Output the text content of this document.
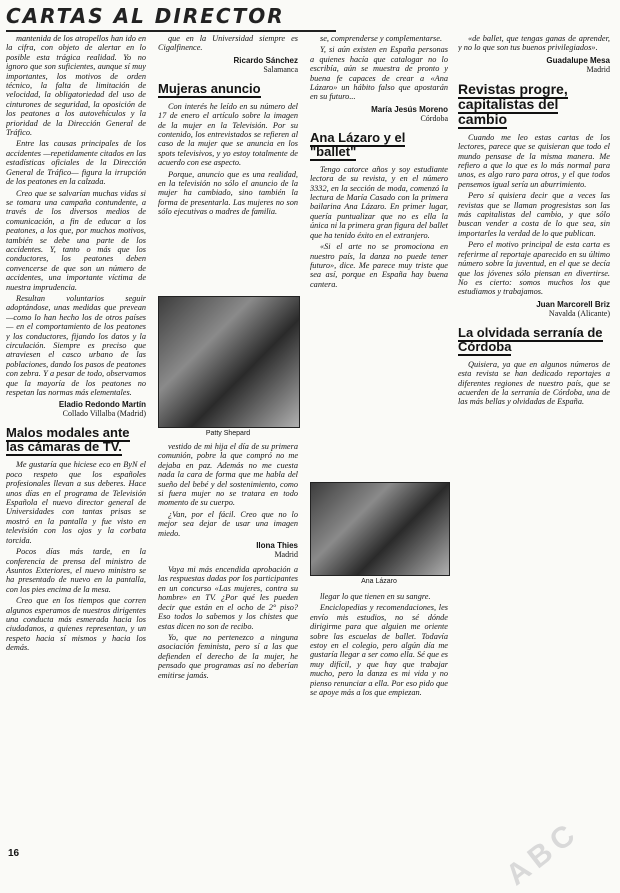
CARTAS AL DIRECTOR

mantenida de los atropellos han ido en la cifra, con objeto de alertar en lo posible esta trágica realidad. Yo no ignoro que son suficientes, aunque sí muy importantes, los motivos de orden técnico, la falta de limitación de velocidad, la obligatoriedad del uso de cinturones de seguridad, la oposición de los peatones a los autovehículos y la prioridad de la Dirección General de Tráfico.

Entre las causas principales de los accidentes —repetidamente citados en las estadísticas oficiales de la Dirección General de Tráfico— figura la irrupción de los peatones en la calzada.

Creo que se salvarían muchas vidas si se tomara una campaña contundente, a través de los diversos medios de comunicación, a fin de educar a los peatones, a los que, por muchos motivos, también se debe una parte de los accidentes. Y, tanto o más que los conductores, los peatones deben convencerse de que son un número de accidentes, una importante víctima de nuestra imprudencia.

Resultan voluntarios seguir adoptándose, unas medidas que prevean —como lo han hecho los de otros países— en el comportamiento de los peatones y los conductores, fijando los datos y la circulación. Siempre es preciso que atraviesen el casco urbano de las poblaciones, dando los pasos de peatones con zebra. Y a pesar de todo, observamos que la mayoría de los peatones no respetan las normas más elementales.

Eladio Redondo Martín
Collado Villalba (Madrid)
Malos modales ante las cámaras de TV.

Me gustaría que hiciese eco en ByN el poco respeto que los españoles profesionales llevan a sus deberes. Hace unos días en el programa de Televisión Española el nuevo director general de Universidades con tantas prisas se mostró en la pantalla y fue visto en televisión con los ojos y la corbata torcida.

Pocos días más tarde, en la conferencia de prensa del ministro de Asuntos Exteriores, el nuevo ministro se ha presentado de nuevo en la pantalla, con los pies encima de la mesa.

Creo que en los tiempos que corren algunos esperamos de nuestros dirigentes una conducta más esmerada hacia los ciudadanos, a quienes representan, y un respeto hacia sí mismos y hacia los demás.

que en la Universidad siempre es Cigalfinence.

Ricardo Sánchez
Salamanca
Mujeras anuncio

Con interés he leído en su número del 17 de enero el artículo sobre la imagen de la mujer en la Televisión. Por su contenido, los entrevistados se refieren al caso de la mujer que se anuncia en los spots televisivos, y yo estoy totalmente de acuerdo con ese aspecto.

Porque, anuncio que es una realidad, en la televisión no sólo el anuncio de la mujer ha cambiado, sino también la forma de presentarla. Las mujeres no son sólo ejecutivas o madres de familia.

Patty Shepard

vestido de mi hija el día de su primera comunión, pobre la que compró no me dejaba en paz. Además no me cuesta nada la cara de forma que me habla del sueño del bebé y del sostenimiento, como si fuera mujer no se tratara en todo momento de su cuerpo.

¿Van, por el fácil. Creo que no lo mejor sea dejar de usar una imagen miedo.

Ilona Thies
Madrid

Vaya mi más encendida aprobación a las respuestas dadas por los participantes en un concurso «Las mujeres, contra su hombre» en TV. ¿Por qué les pueden decir que están en el ocho de 2° piso? Eso todos lo sabemos y los chistes que estas dicen no son de recibo.

Yo, que no pertenezco a ninguna asociación feminista, pero sí a las que defienden el derecho de la mujer, he pensado que programas así no deberían emitirse jamás.

se, comprenderse y complementarse.

Y, si aún existen en España personas a quienes hacía que catalogar no lo escribía, aún se muestra de pronto y buena fe capaces de crear a «Ana Lázaro» un hábito falso que apostarán en su futuro...

María Jesús Moreno
Córdoba
Ana Lázaro y el "ballet"

Tengo catorce años y soy estudiante lectora de su revista, y en el número 3332, en la sección de moda, comenzó la lectura de María Casado con la primera bailarina Ana Lázaro. En primer lugar, quería puntualizar que no es ella la única ni la primera gran figura del ballet que ha tenido éxito en el extranjero.

«Si el arte no se promociona en nuestro país, la danza no puede tener futuro», dice. Me parece muy triste que sea así, porque en España hay buena cantera.

Ana Lázaro

llegar lo que tienen en su sangre.

Enciclopedias y recomendaciones, les envío mis estudios, no sé dónde dirigirme para que alguien me oriente sobre las escuelas de ballet. Todavía estoy en el colegio, pero algún día me gustaría llegar a ser como ella. Sé que es muy difícil, y que hay que trabajar mucho, pero la danza es mi vida y no pienso renunciar a ella. Por eso pido que se apoye más a los que empiezan.

«de ballet, que tengas ganas de aprender, y no lo que son tus buenos privilegiados».

Guadalupe Mesa
Madrid
Revistas progre, capitalistas del cambio

Cuando me leo estas cartas de los lectores, parece que se quisieran que todo el mundo pensase de la misma manera. Me refiero a que lo que es lo más normal para unos, es algo raro para otros, y el que todos pensemos igual sería un aburrimiento.

Pero sí quisiera decir que a veces las revistas que se llaman progresistas son las más capitalistas del cambio, y que sólo buscan vender a costa de lo que sea, sin importarles la verdad de lo que publican.

Pero el motivo principal de esta carta es referirme al reportaje aparecido en su último número sobre la juventud, en el que se decía que los jóvenes sólo piensan en divertirse. No es cierto: somos muchos los que estudiamos y trabajamos.

Juan Marcorell Briz
Navalda (Alicante)
La olvidada serranía de Córdoba

Quisiera, ya que en algunos números de esta revista se han dedicado reportajes a diferentes regiones de nuestro país, que se acuerden de la serranía de Córdoba, una de las más bellas y olvidadas de España.

16	ABC
